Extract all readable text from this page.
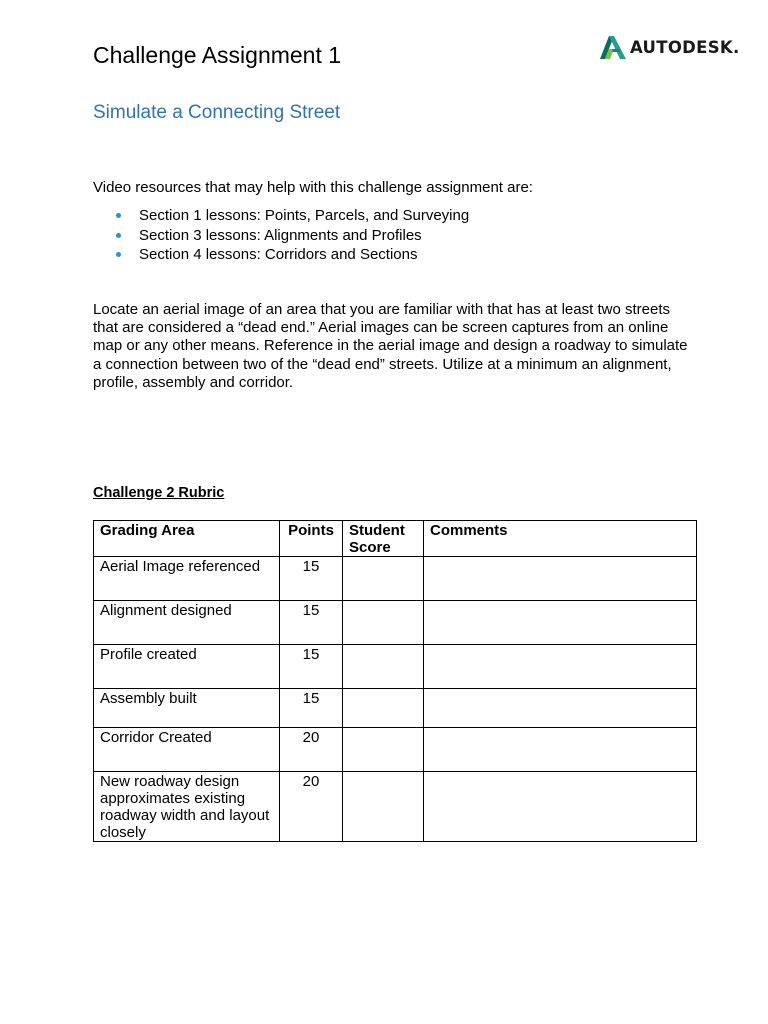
Challenge Assignment 1	AUTODESK.
Simulate a Connecting Street

Video resources that may help with this challenge assignment are:

Section 1 lessons: Points, Parcels, and Surveying
Section 3 lessons: Alignments and Profiles
Section 4 lessons: Corridors and Sections

Locate an aerial image of an area that you are familiar with that has at least two streets that are considered a “dead end.” Aerial images can be screen captures from an online map or any other means. Reference in the aerial image and design a roadway to simulate a connection between two of the “dead end” streets. Utilize at a minimum an alignment, profile, assembly and corridor.

Challenge 2 Rubric

Grading Area	Points	Student Score	Comments
Aerial Image referenced	15		
Alignment designed	15		
Profile created	15		
Assembly built	15		
Corridor Created	20		
New roadway design approximates existing roadway width and layout closely	20		
